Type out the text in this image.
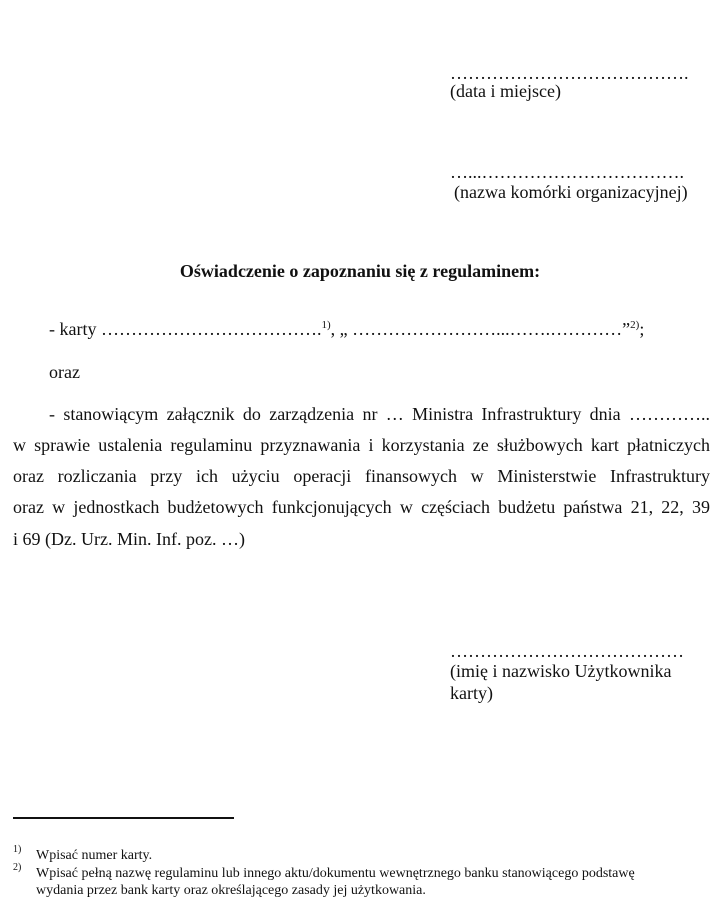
………………………………….
(data i miejsce)
…...…………………………….
(nazwa komórki organizacyjnej)
Oświadczenie o zapoznaniu się z regulaminem:
- karty ……………………………….$^{1)}$, „ ……………………...…….…………”$^{2)}$;
oraz
- stanowiącym załącznik do zarządzenia nr … Ministra Infrastruktury dnia …………..
w sprawie ustalenia regulaminu przyznawania i korzystania ze służbowych kart płatniczych
oraz rozliczania przy ich użyciu operacji finansowych w Ministerstwie Infrastruktury
oraz w jednostkach budżetowych funkcjonujących w częściach budżetu państwa 21, 22, 39
i 69 (Dz. Urz. Min. Inf. poz. …)
…………………………………
(imię i nazwisko Użytkownika
karty)
1) Wpisać numer karty.
2) Wpisać pełną nazwę regulaminu lub innego aktu/dokumentu wewnętrznego banku stanowiącego podstawę
wydania przez bank karty oraz określającego zasady jej użytkowania.
